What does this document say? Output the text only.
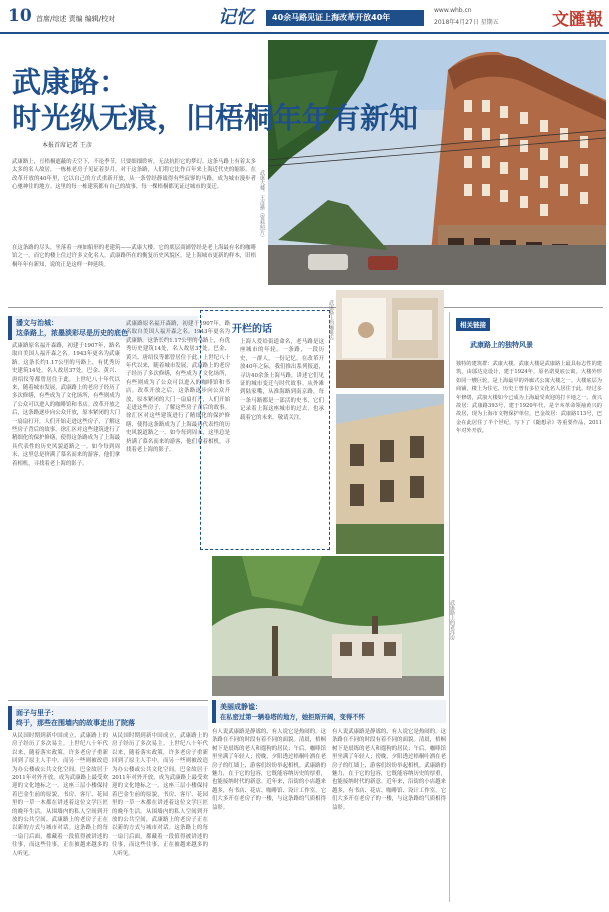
10 首席/综述 责编 编辑/校对	记忆	40余马路见证上海改革开放40年
www.whb.cn
2018年4月27日 星期五	文匯報
武康大楼。王彦摄（资料照片）
武康路：
时光纵无痕，旧梧桐年年有新知
本报首席记者 王彦
武康路上，亘梧桐遮蔽的天空下，不论季节，只要细细聆听，无法抗拒它的梦幻。这条马路上有着太多太多的名人故居，一栋栋老房子见证着岁月。对于这条路，人们将它比作百年来上海近代史的缩影。在改革开放的40年里，它以自己的方式重新开放，从一条曾经静谧得有些寂寥的马路，成为城市漫步者心驰神往的地方。这里的每一栋建筑都有自己的故事，每一棵梧桐都见证过城市的变迁。
在这条路的尽头，坐落着一座如船形的老建筑——武康大楼。它的底层商铺曾经是老上海最有名的咖啡馆之一，而它的楼上住过许多文化名人。武康路所在的衡复历史风貌区，是上海城市更新的样本，旧梧桐年年有新知，说的正是这样一种延续。
潘文与治城：
这条路上，浓墨淡彩尽是历史的底色
武康路原名福开森路，初建于1907年，路名取自美国人福开森之名。1943年更名为武康路。这条长约1.17公里的马路上，有优秀历史建筑14处，名人故居37处。巴金、黄兴、唐绍仪等都曾居住于此。上世纪八十年代以来，随着城市发展，武康路上的老房子经历了多次修缮，有些成为了文化场所，有些则成为了公众可以进入的咖啡馆和书店。改革开放之后，这条路逐步向公众开放，原本紧闭的大门一扇扇打开，人们开始走进这些房子，了解这些房子背后的故事。徐汇区对这些建筑进行了精细化的保护修缮，使得这条路成为了上海最具代表性的历史风貌道路之一。如今每到周末，这里总是挤满了慕名而来的游客，他们拿着相机，寻找着老上海的影子。
武康路原名福开森路，初建于1907年，路名取自美国人福开森之名。1943年更名为武康路。这条长约1.17公里的马路上，有优秀历史建筑14处，名人故居37处。巴金、黄兴、唐绍仪等都曾居住于此。上世纪八十年代以来，随着城市发展，武康路上的老房子经历了多次修缮，有些成为了文化场所，有些则成为了公众可以进入的咖啡馆和书店。改革开放之后，这条路逐步向公众开放，原本紧闭的大门一扇扇打开，人们开始走进这些房子，了解这些房子背后的故事。徐汇区对这些建筑进行了精细化的保护修缮，使得这条路成为了上海最具代表性的历史风貌道路之一。如今每到周末，这里总是挤满了慕名而来的游客，他们拿着相机，寻找着老上海的影子。
开栏的话
上海人爱给街道命名，老马路是这座城市的年轮。一条路，一段历史，一群人，一份记忆。在改革开放40年之际，我们推出系列报道，寻访40余条上海马路，讲述它们见证的城市变迁与时代故事。从外滩到陆家嘴，从淮海路到南京路，每一条马路都是一部活的史书，它们记录着上海这座城市的过去，也承载着它的未来。敬请关注。
武康路上的咖啡店
武康路上的老洋房
相关链接
武康路上的独特风景
独特的建筑群：武康大楼。武康大楼是武康路上最具标志性的建筑，由邬达克设计，建于1924年，原名诺曼底公寓。大楼外形如同一艘巨轮，是上海最早的外廊式公寓大楼之一。大楼底层为商铺，楼上为住宅，历史上曾有多位文化名人居住于此。经过多年修缮，武康大楼如今已成为上海最受欢迎的打卡地之一。黄兴故居：武康路393号，建于1920年代，是辛亥革命领袖黄兴的故居，现为上海市文物保护单位。巴金故居：武康路113号，巴金在此居住了半个世纪，写下了《随想录》等重要作品，2011年对外开放。
面子与里子：
终于，那些在围墙内的故事走出了院落
从民国时期到新中国成立，武康路上的房子经历了多次易主。上世纪八十年代以来，随着落实政策，许多老房子重新回到了原主人手中。而另一些则被改造为办公楼或公共文化空间。巴金故居于2011年对外开放，成为武康路上最受欢迎的文化地标之一。这座三层小楼保持着巴金生前的原貌，书房、客厅、花园里的一草一木都在讲述着这位文学巨匠的晚年生活。从围墙内的私人空间到开放的公共空间，武康路上的老房子正在以新的方式与城市对话。这条路上的每一扇门后面，都藏着一段值得被讲述的往事，而这些往事，正在被越来越多的人听见。
从民国时期到新中国成立，武康路上的房子经历了多次易主。上世纪八十年代以来，随着落实政策，许多老房子重新回到了原主人手中。而另一些则被改造为办公楼或公共文化空间。巴金故居于2011年对外开放，成为武康路上最受欢迎的文化地标之一。这座三层小楼保持着巴金生前的原貌，书房、客厅、花园里的一草一木都在讲述着这位文学巨匠的晚年生活。从围墙内的私人空间到开放的公共空间，武康路上的老房子正在以新的方式与城市对话。这条路上的每一扇门后面，都藏着一段值得被讲述的往事，而这些往事，正在被越来越多的人听见。
美丽成静谧：
在私密过第一辆卷塔的地方，她拒斯开阔，变得不怀
有人说武康路是静谧的，有人说它是热闹的。这条路在不同的时段有着不同的面貌。清晨，梧桐树下是晨练的老人和遛狗的居民；午后，咖啡馆里坐满了年轻人；傍晚，夕阳透过梧桐叶洒在老房子的红墙上，游客们纷纷举起相机。武康路的魅力，在于它的包容，它既能容纳历史的厚重，也能接纳时代的新意。近年来，沿街的小店越来越多，有书店、花店、咖啡馆、设计工作室，它们大多开在老房子的一楼，与这条路的气质相得益彰。
有人说武康路是静谧的，有人说它是热闹的。这条路在不同的时段有着不同的面貌。清晨，梧桐树下是晨练的老人和遛狗的居民；午后，咖啡馆里坐满了年轻人；傍晚，夕阳透过梧桐叶洒在老房子的红墙上，游客们纷纷举起相机。武康路的魅力，在于它的包容，它既能容纳历史的厚重，也能接纳时代的新意。近年来，沿街的小店越来越多，有书店、花店、咖啡馆、设计工作室，它们大多开在老房子的一楼，与这条路的气质相得益彰。
